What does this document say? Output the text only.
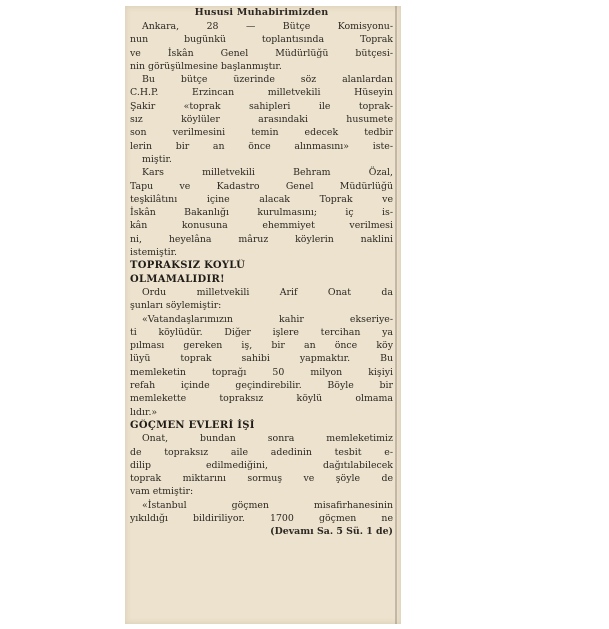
Hususi Muhabirimizden
Ankara, 28 — Bütçe Komisyonu-
nun bugünkü toplantısında Toprak
ve İskân Genel Müdürlüğü bütçesi-
nin görüşülmesine başlanmıştır.
Bu bütçe üzerinde söz alanlardan
C.H.P. Erzincan milletvekili Hüseyin
Şakir «toprak sahipleri ile toprak-
sız köylüler arasındaki husumete
son verilmesini temin edecek tedbir
lerin bir an önce alınmasını» iste-
miştir.
Kars milletvekili Behram Özal,
Tapu ve Kadastro Genel Müdürlüğü
teşkilâtını içine alacak Toprak ve
İskân Bakanlığı kurulmasını; iç is-
kân konusuna ehemmiyet verilmesi
ni, heyelâna mâruz köylerin naklini
istemiştir.
TOPRAKSIZ KOYLÜ
OLMAMALIDIR!
Ordu milletvekili Arif Onat da
şunları söylemiştir:
«Vatandaşlarımızın kahir ekseriye-
ti köylüdür. Diğer işlere tercihan ya
pılması gereken iş, bir an önce köy
lüyü toprak sahibi yapmaktır. Bu
memleketin toprağı 50 milyon kişiyi
refah içinde geçindirebilir. Böyle bir
memlekette topraksız köylü olmama
lıdır.»
GÖÇMEN EVLERİ İŞİ
Onat, bundan sonra memleketimiz
de topraksız aile adedinin tesbit e-
dilip edilmediğini, dağıtılabilecek
toprak miktarını sormuş ve şöyle de
vam etmiştir:
«İstanbul göçmen misafirhanesinin
yıkıldığı bildiriliyor. 1700 göçmen ne
(Devamı Sa. 5 Sü. 1 de)
